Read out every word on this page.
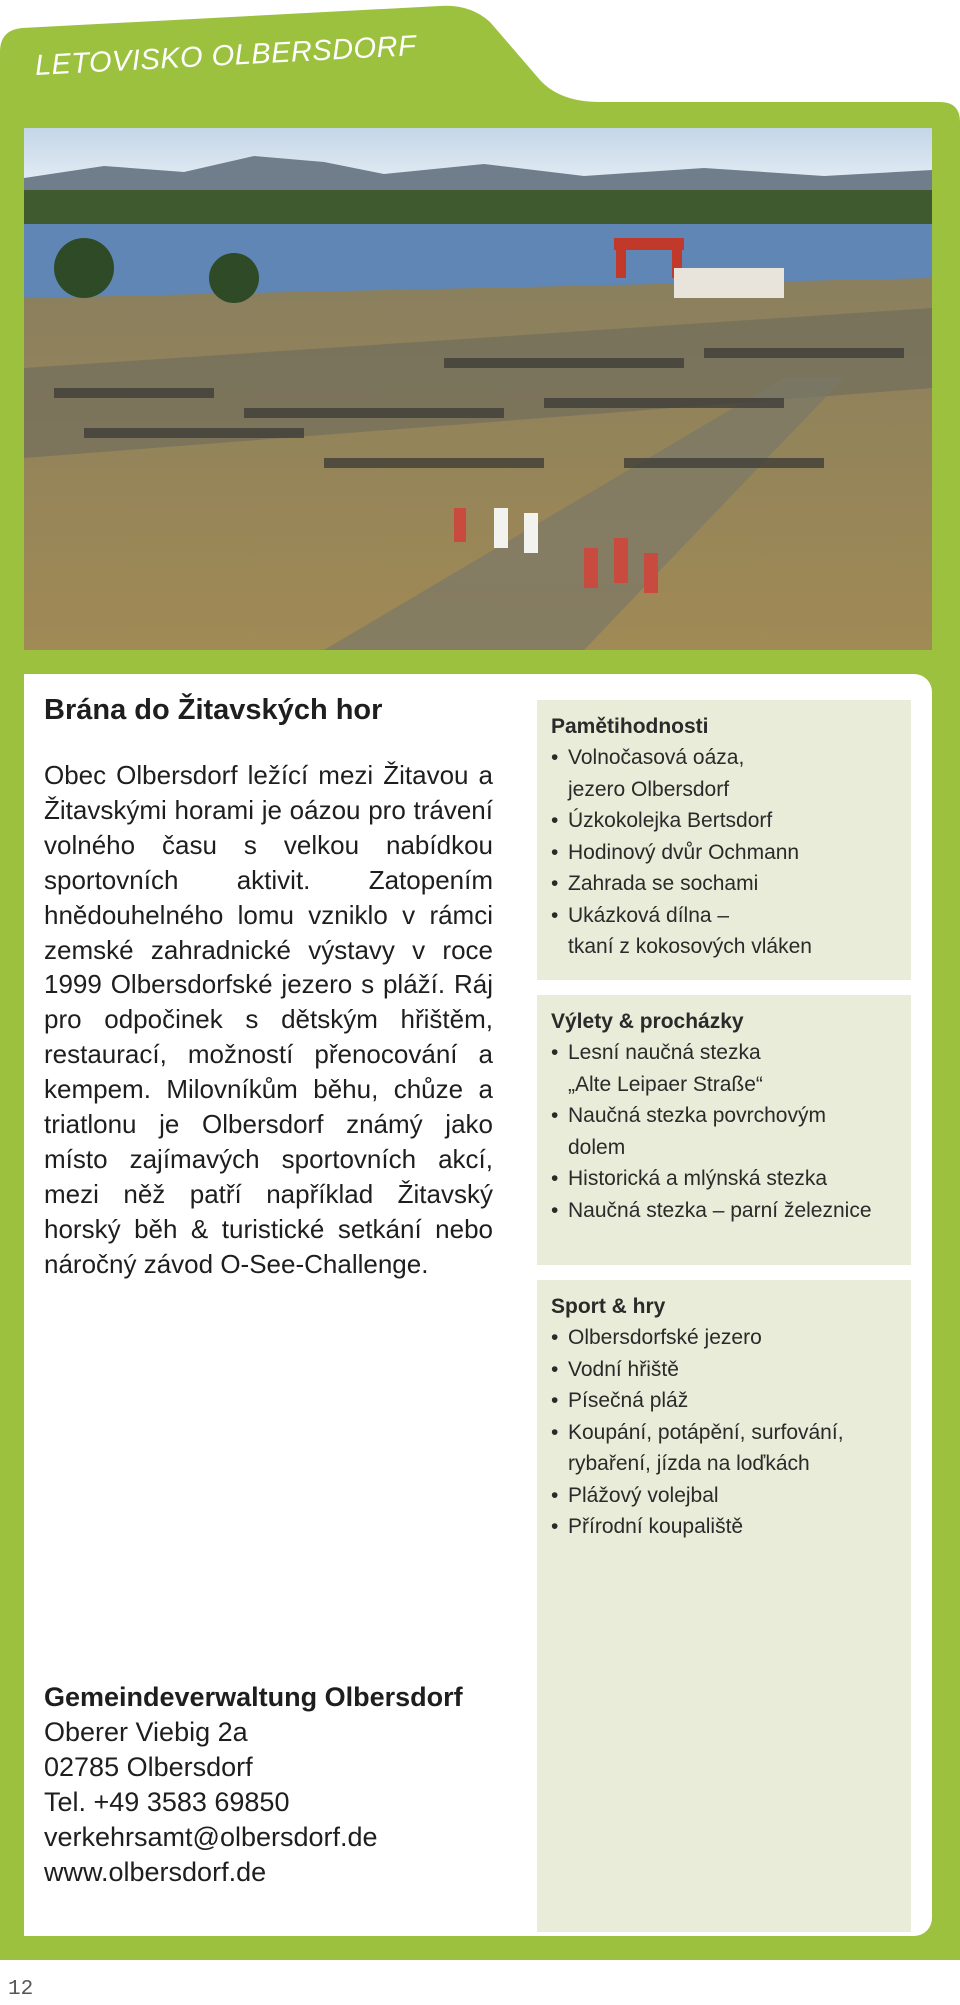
LETOVISKO OLBERSDORF
Brána do Žitavských hor

Obec Olbersdorf ležící mezi Žitavou a Žitavskými horami je oázou pro trávení volného času s velkou nabídkou sportovních aktivit. Zatopením hnědouhelného lomu vzniklo v rámci zemské zahradnické výstavy v roce 1999 Olbersdorfské jezero s pláží. Ráj pro odpočinek s dětským hřištěm, restaurací, možností přenocování a kempem. Milovníkům běhu, chůze a triatlonu je Olbersdorf známý jako místo zajímavých sportovních akcí, mezi něž patří například Žitavský horský běh & turistické setkání nebo náročný závod O-See-Challenge.

Pamětihodnosti
• Volnočasová oáza,
jezero Olbersdorf
• Úzkokolejka Bertsdorf
• Hodinový dvůr Ochmann
• Zahrada se sochami
• Ukázková dílna –
tkaní z kokosových vláken
Výlety & procházky
• Lesní naučná stezka
„Alte Leipaer Straße“
• Naučná stezka povrchovým
dolem
• Historická a mlýnská stezka
• Naučná stezka – parní železnice
Sport & hry
• Olbersdorfské jezero
• Vodní hřiště
• Písečná pláž
• Koupání, potápění, surfování,
rybaření, jízda na loďkách
• Plážový volejbal
• Přírodní koupaliště
Gemeindeverwaltung Olbersdorf
Oberer Viebig 2a
02785 Olbersdorf
Tel. +49 3583 69850
verkehrsamt@olbersdorf.de
www.olbersdorf.de
12
